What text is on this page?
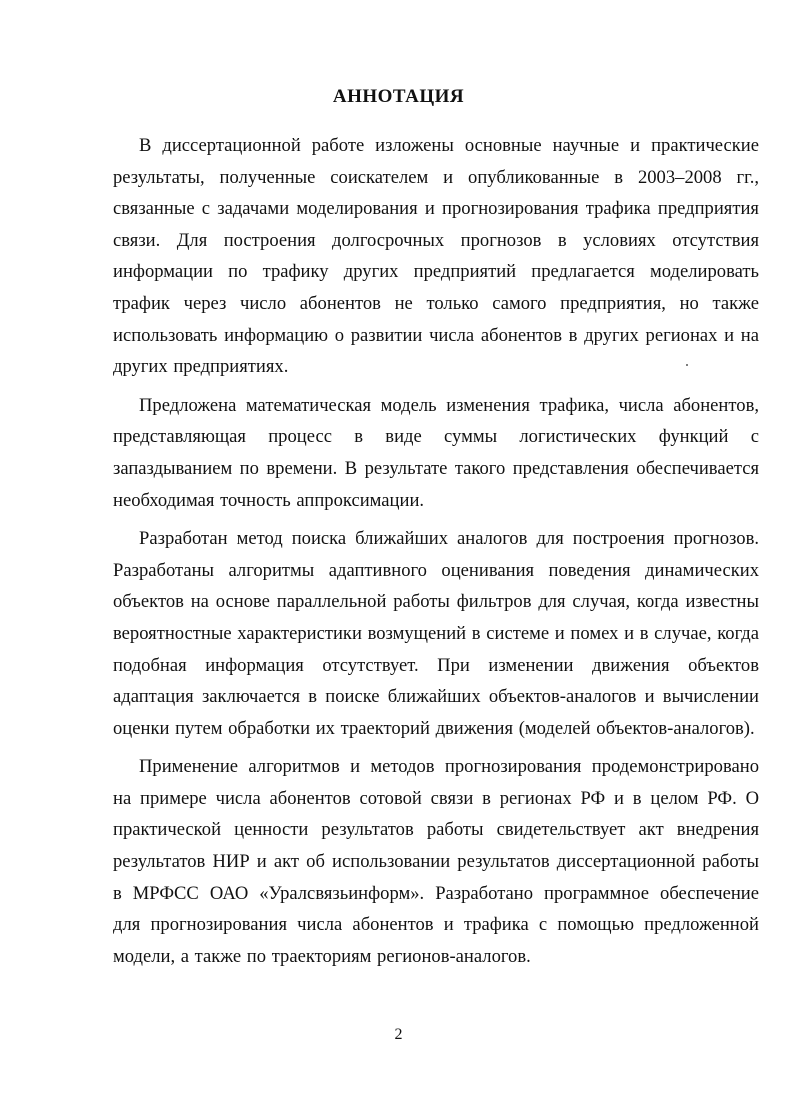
АННОТАЦИЯ

В диссертационной работе изложены основные научные и практические результаты, полученные соискателем и опубликованные в 2003–2008 гг., связанные с задачами моделирования и прогнозирования трафика предприятия связи. Для построения долгосрочных прогнозов в условиях отсутствия информации по трафику других предприятий предлагается моделировать трафик через число абонентов не только самого предприятия, но также использовать информацию о развитии числа абонентов в других регионах и на других предприятиях.

Предложена математическая модель изменения трафика, числа абонентов, представляющая процесс в виде суммы логистических функций с запаздыванием по времени. В результате такого представления обеспечивается необходимая точность аппроксимации.

Разработан метод поиска ближайших аналогов для построения прогнозов. Разработаны алгоритмы адаптивного оценивания поведения динамических объектов на основе параллельной работы фильтров для случая, когда известны вероятностные характеристики возмущений в системе и помех и в случае, когда подобная информация отсутствует. При изменении движения объектов адаптация заключается в поиске ближайших объектов-аналогов и вычислении оценки путем обработки их траекторий движения (моделей объектов-аналогов).

Применение алгоритмов и методов прогнозирования продемонстрировано на примере числа абонентов сотовой связи в регионах РФ и в целом РФ. О практической ценности результатов работы свидетельствует акт внедрения результатов НИР и акт об использовании результатов диссертационной работы в МРФСС ОАО «Уралсвязьинформ». Разработано программное обеспечение для прогнозирования числа абонентов и трафика с помощью предложенной модели, а также по траекториям регионов-аналогов.

2
